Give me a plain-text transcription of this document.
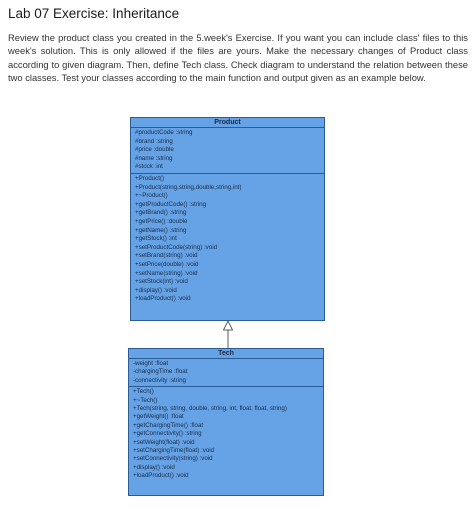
Lab 07 Exercise: Inheritance

Review the product class you created in the 5.week's Exercise. If you want you can include class' files to this week's solution. This is only allowed if the files are yours. Make the necessary changes of Product class according to given diagram. Then, define Tech class. Check diagram to understand the relation between these two classes. Test your classes according to the main function and output given as an example below.

Product
#productCode :string
#brand :string
#price :double
#name :string
#stock :int
+Product()
+Product(string,string,double,string,int)
+~Product()
+getProductCode() :string
+getBrand() :string
+getPrice() :double
+getName() :string
+getStock() :int
+setProductCode(string) :void
+setBrand(string) :void
+setPrice(double) :void
+setName(string) :void
+setStock(int) :void
+display() :void
+loadProduct() :void
Tech
-weight :float
-chargingTime :float
-connectivity :string
+Tech()
+~Tech()
+Tech(string, string, double, string, int, float, float, string)
+getWeight() :float
+getChargingTime() :float
+getConnectivity() :string
+setWeight(float) :void
+setChargingTime(float) :void
+setConnectivity(string) :void
+display() :void
+loadProduct() :void
